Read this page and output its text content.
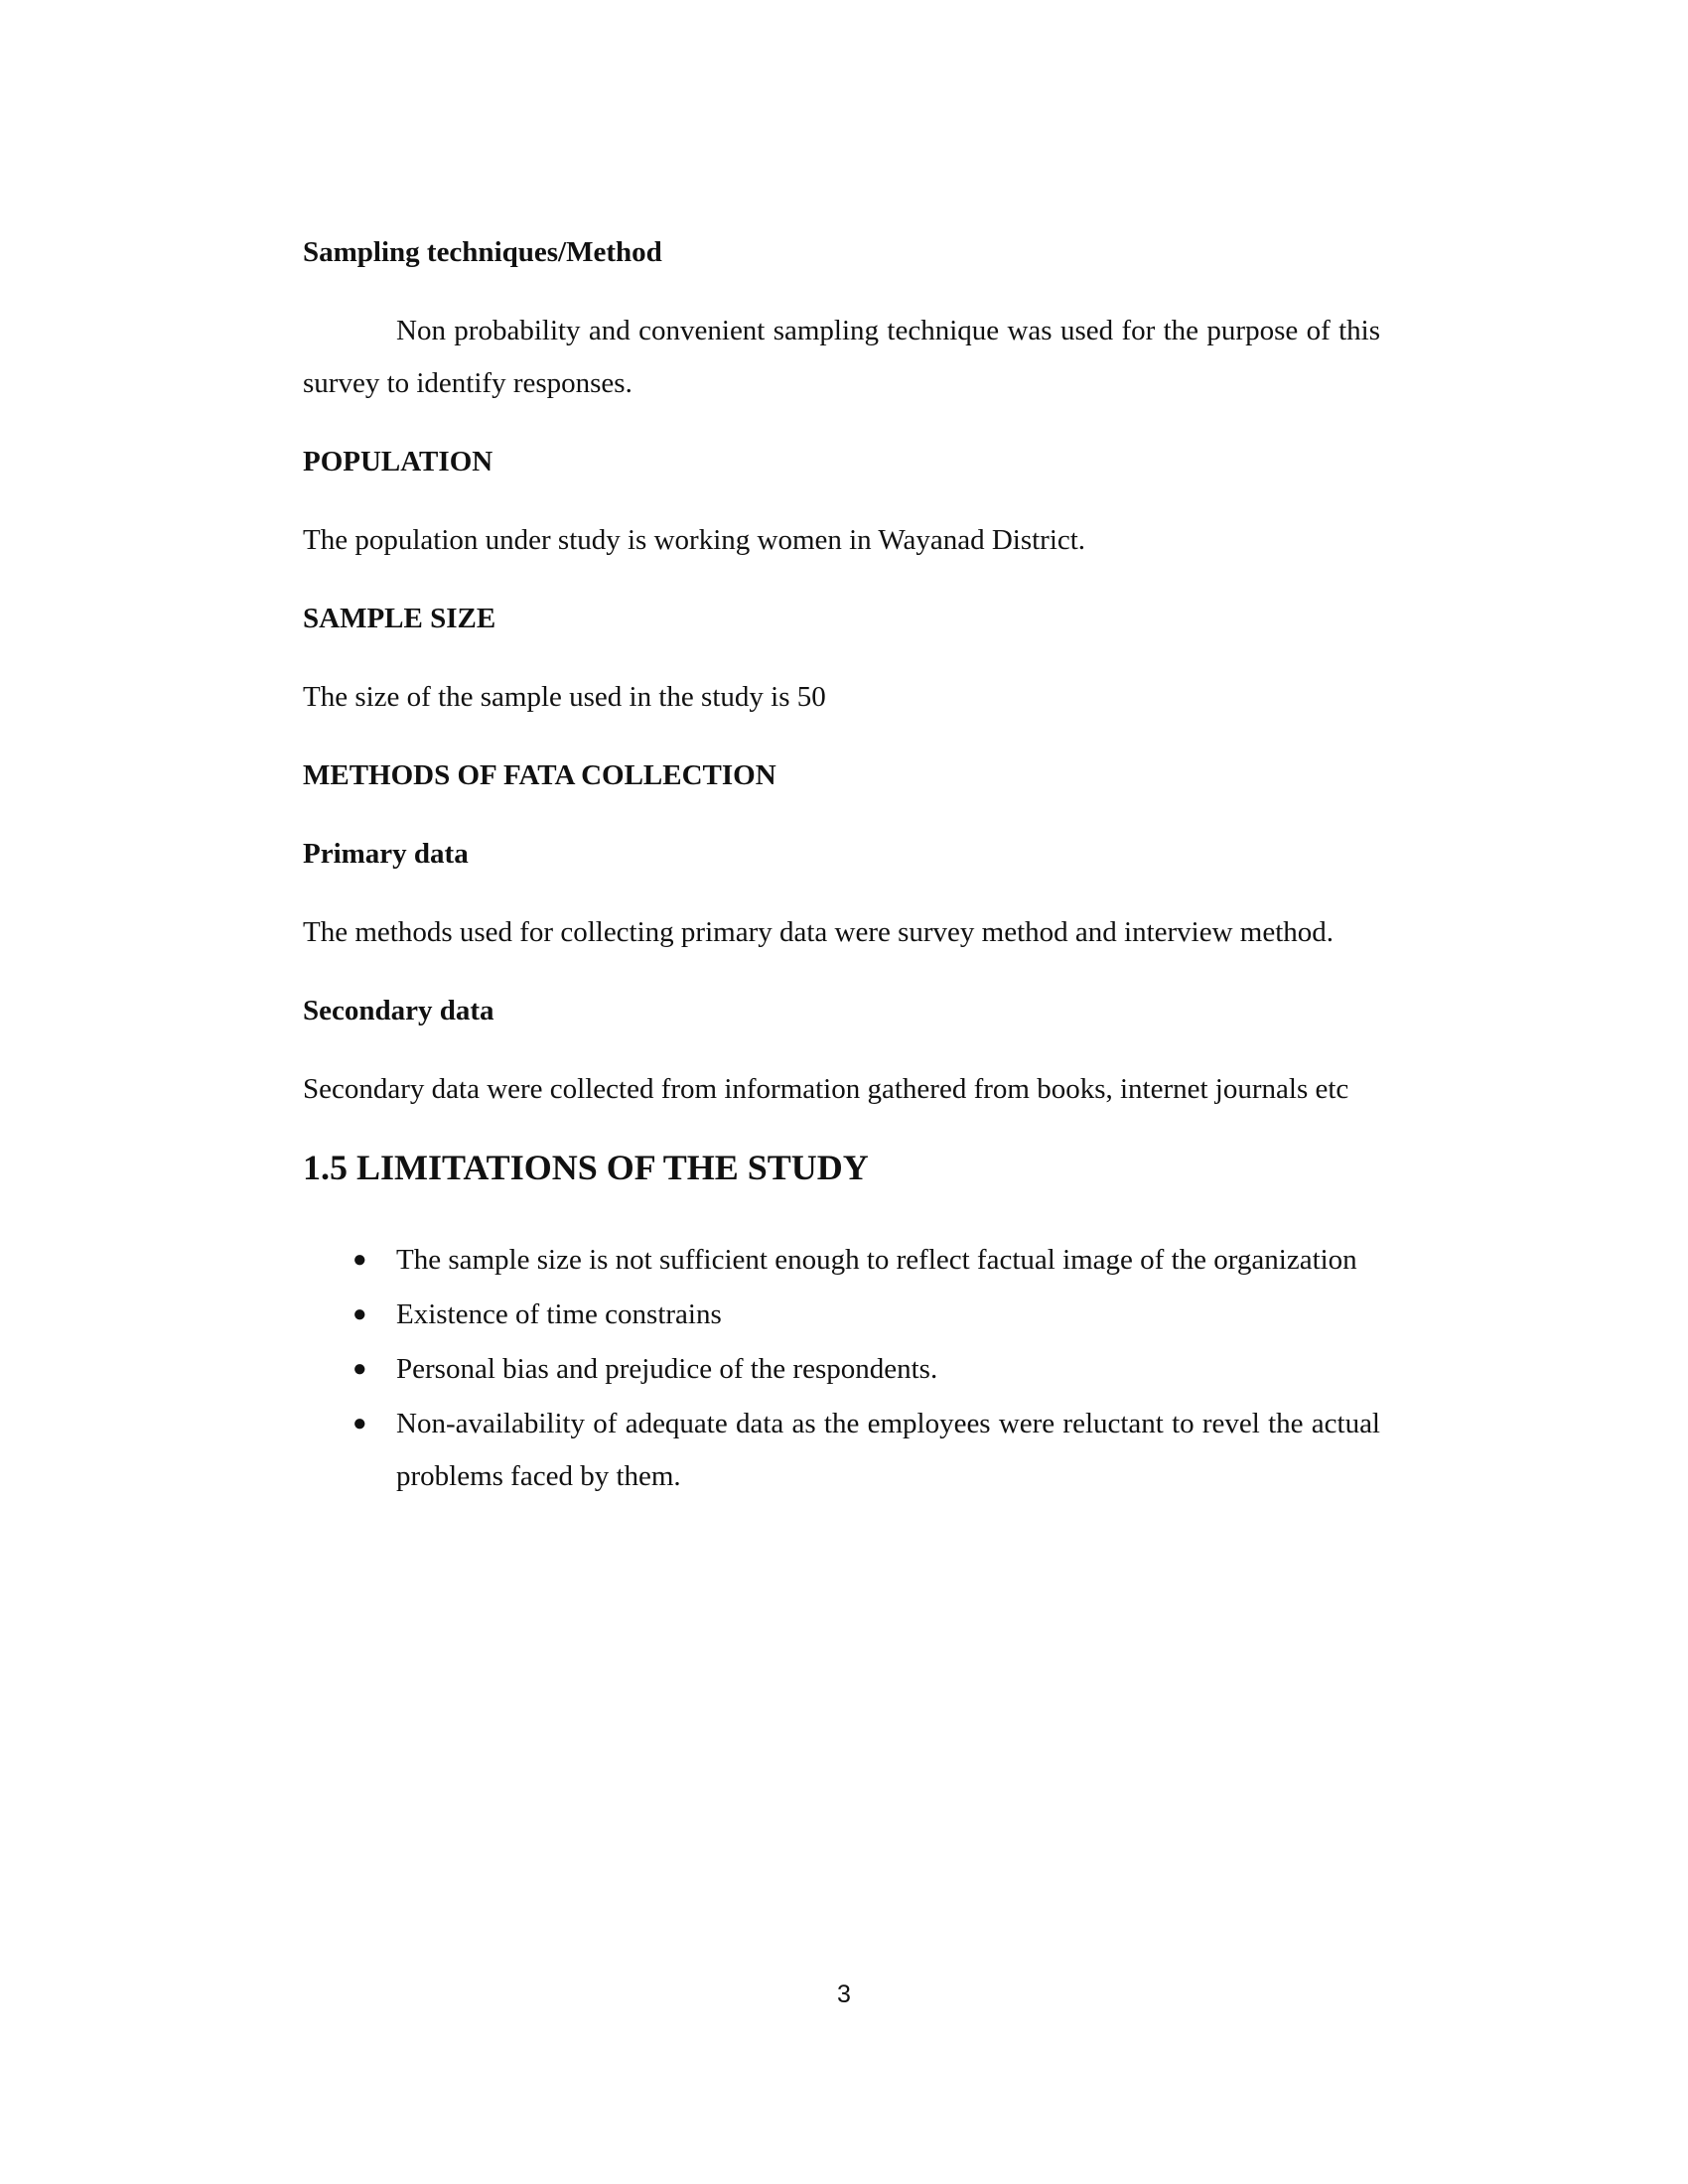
Sampling techniques/Method

Non probability and convenient sampling technique was used for the purpose of this survey to identify responses.

POPULATION

The population under study is working women in Wayanad District.

SAMPLE SIZE

The size of the sample used in the study is 50

METHODS OF FATA COLLECTION
Primary data

The methods used for collecting primary data were survey method and interview method.

Secondary data

Secondary data were collected from information gathered from books, internet journals etc

1.5 LIMITATIONS OF THE STUDY
● The sample size is not sufficient enough to reflect factual image of the organization
● Existence of time constrains
● Personal bias and prejudice of the respondents.
● Non-availability of adequate data as the employees were reluctant to revel the actual problems faced by them.
3
